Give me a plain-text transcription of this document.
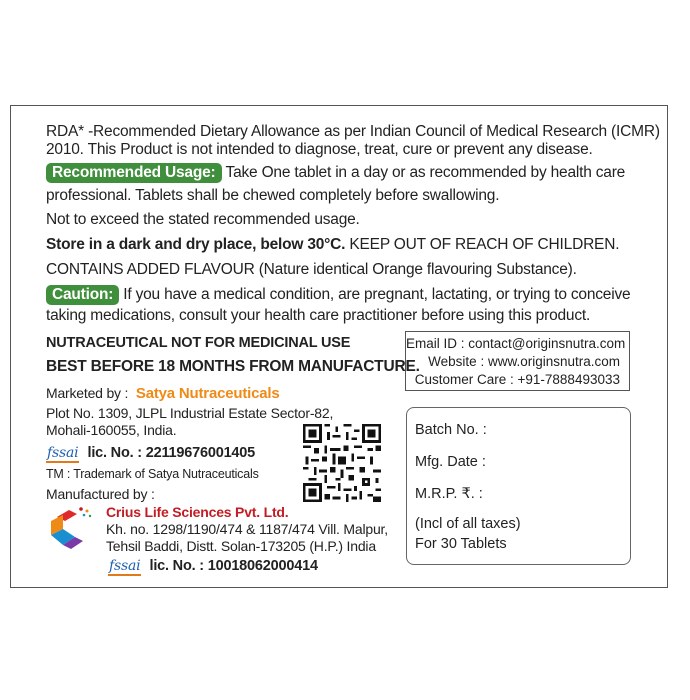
RDA* -Recommended Dietary Allowance as per Indian Council of Medical Research (ICMR)
2010. This Product is not intended to diagnose, treat, cure or prevent any disease.
Recommended Usage: Take One tablet in a day or as recommended by health care
professional. Tablets shall be chewed completely before swallowing.
Not to exceed the stated recommended usage.
Store in a dark and dry place, below 30°C. KEEP OUT OF REACH OF CHILDREN.
CONTAINS ADDED FLAVOUR (Nature identical Orange flavouring Substance).
Caution: If you have a medical condition, are pregnant, lactating, or trying to conceive
taking medications, consult your health care practitioner before using this product.
NUTRACEUTICAL NOT FOR MEDICINAL USE
BEST BEFORE 18 MONTHS FROM MANUFACTURE.
Email ID : contact@originsnutra.com
Website : www.originsnutra.com
Customer Care : +91-7888493033
Marketed by : Satya Nutraceuticals
Plot No. 1309, JLPL Industrial Estate Sector-82,
Mohali-160055, India.
fssai lic. No. : 22119676001405
TM : Trademark of Satya Nutraceuticals
Manufactured by :
Crius Life Sciences Pvt. Ltd.
Kh. no. 1298/1190/474 & 1187/474 Vill. Malpur,
Tehsil Baddi, Distt. Solan-173205 (H.P.) India
fssai lic. No. : 10018062000414
Batch No. :
Mfg. Date :
M.R.P. ₹. :
(Incl of all taxes)
For 30 Tablets
